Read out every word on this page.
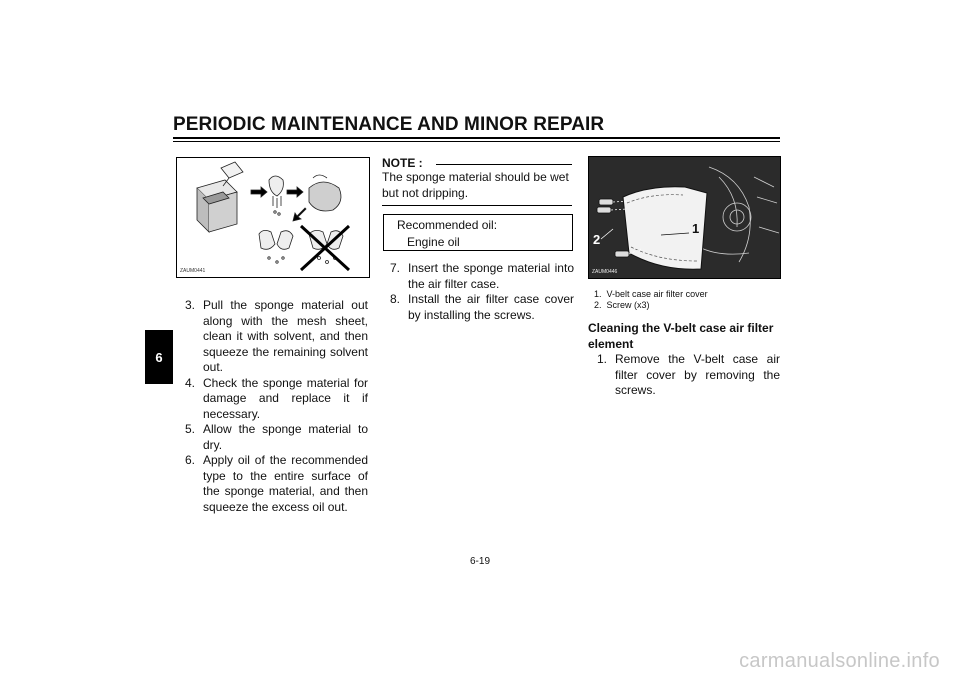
PERIODIC MAINTENANCE AND MINOR REPAIR
6
ZAUM0441
3. Pull the sponge material out along with the mesh sheet, clean it with solvent, and then squeeze the remaining solvent out.
4. Check the sponge material for damage and replace it if necessary.
5. Allow the sponge material to dry.
6. Apply oil of the recommended type to the entire surface of the sponge material, and then squeeze the excess oil out.
NOTE :
The sponge material should be wet but not dripping.
Recommended oil:
Engine oil
7. Insert the sponge material into the air filter case.
8. Install the air filter case cover by installing the screws.
1
2
ZAUM0446
1. V-belt case air filter cover
2. Screw (x3)
Cleaning the V-belt case air filter element
1. Remove the V-belt case air filter cover by removing the screws.
6-19
carmanualsonline.info
